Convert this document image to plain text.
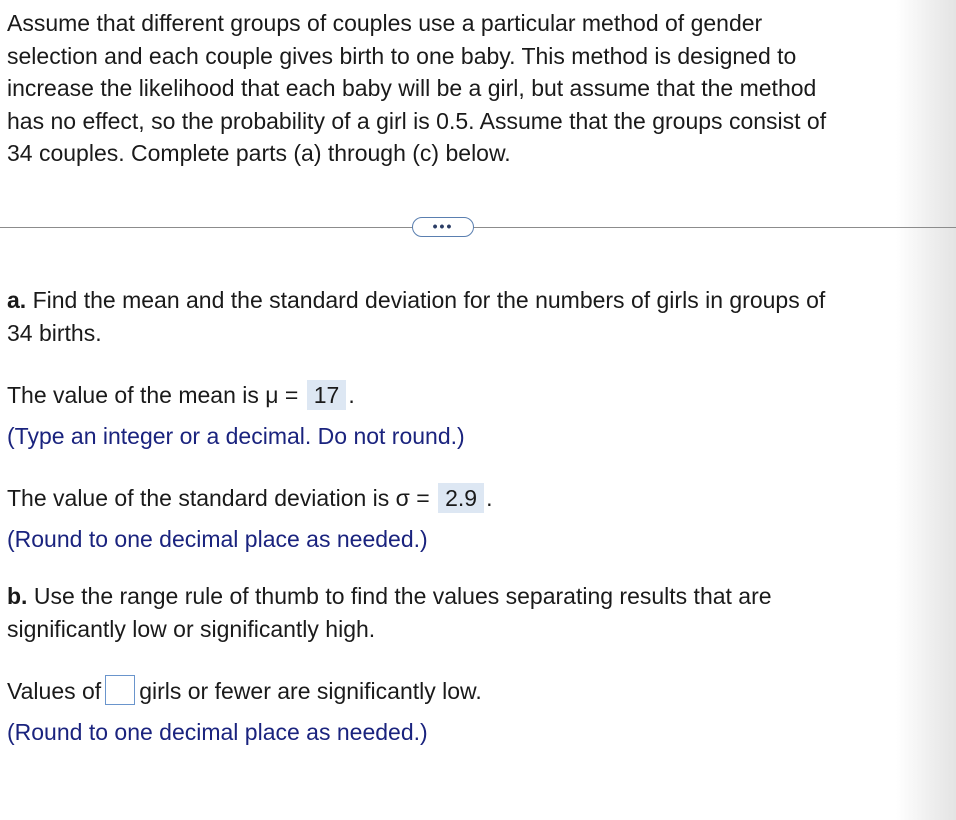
Assume that different groups of couples use a particular method of gender
selection and each couple gives birth to one baby. This method is designed to
increase the likelihood that each baby will be a girl, but assume that the method
has no effect, so the probability of a girl is 0.5. Assume that the groups consist of
34 couples. Complete parts (a) through (c) below.
•••
a. Find the mean and the standard deviation for the numbers of girls in groups of
34 births.
The value of the mean is μ = 17 .
(Type an integer or a decimal. Do not round.)
The value of the standard deviation is σ = 2.9 .
(Round to one decimal place as needed.)
b. Use the range rule of thumb to find the values separating results that are
significantly low or significantly high.
Values of girls or fewer are significantly low.
(Round to one decimal place as needed.)
